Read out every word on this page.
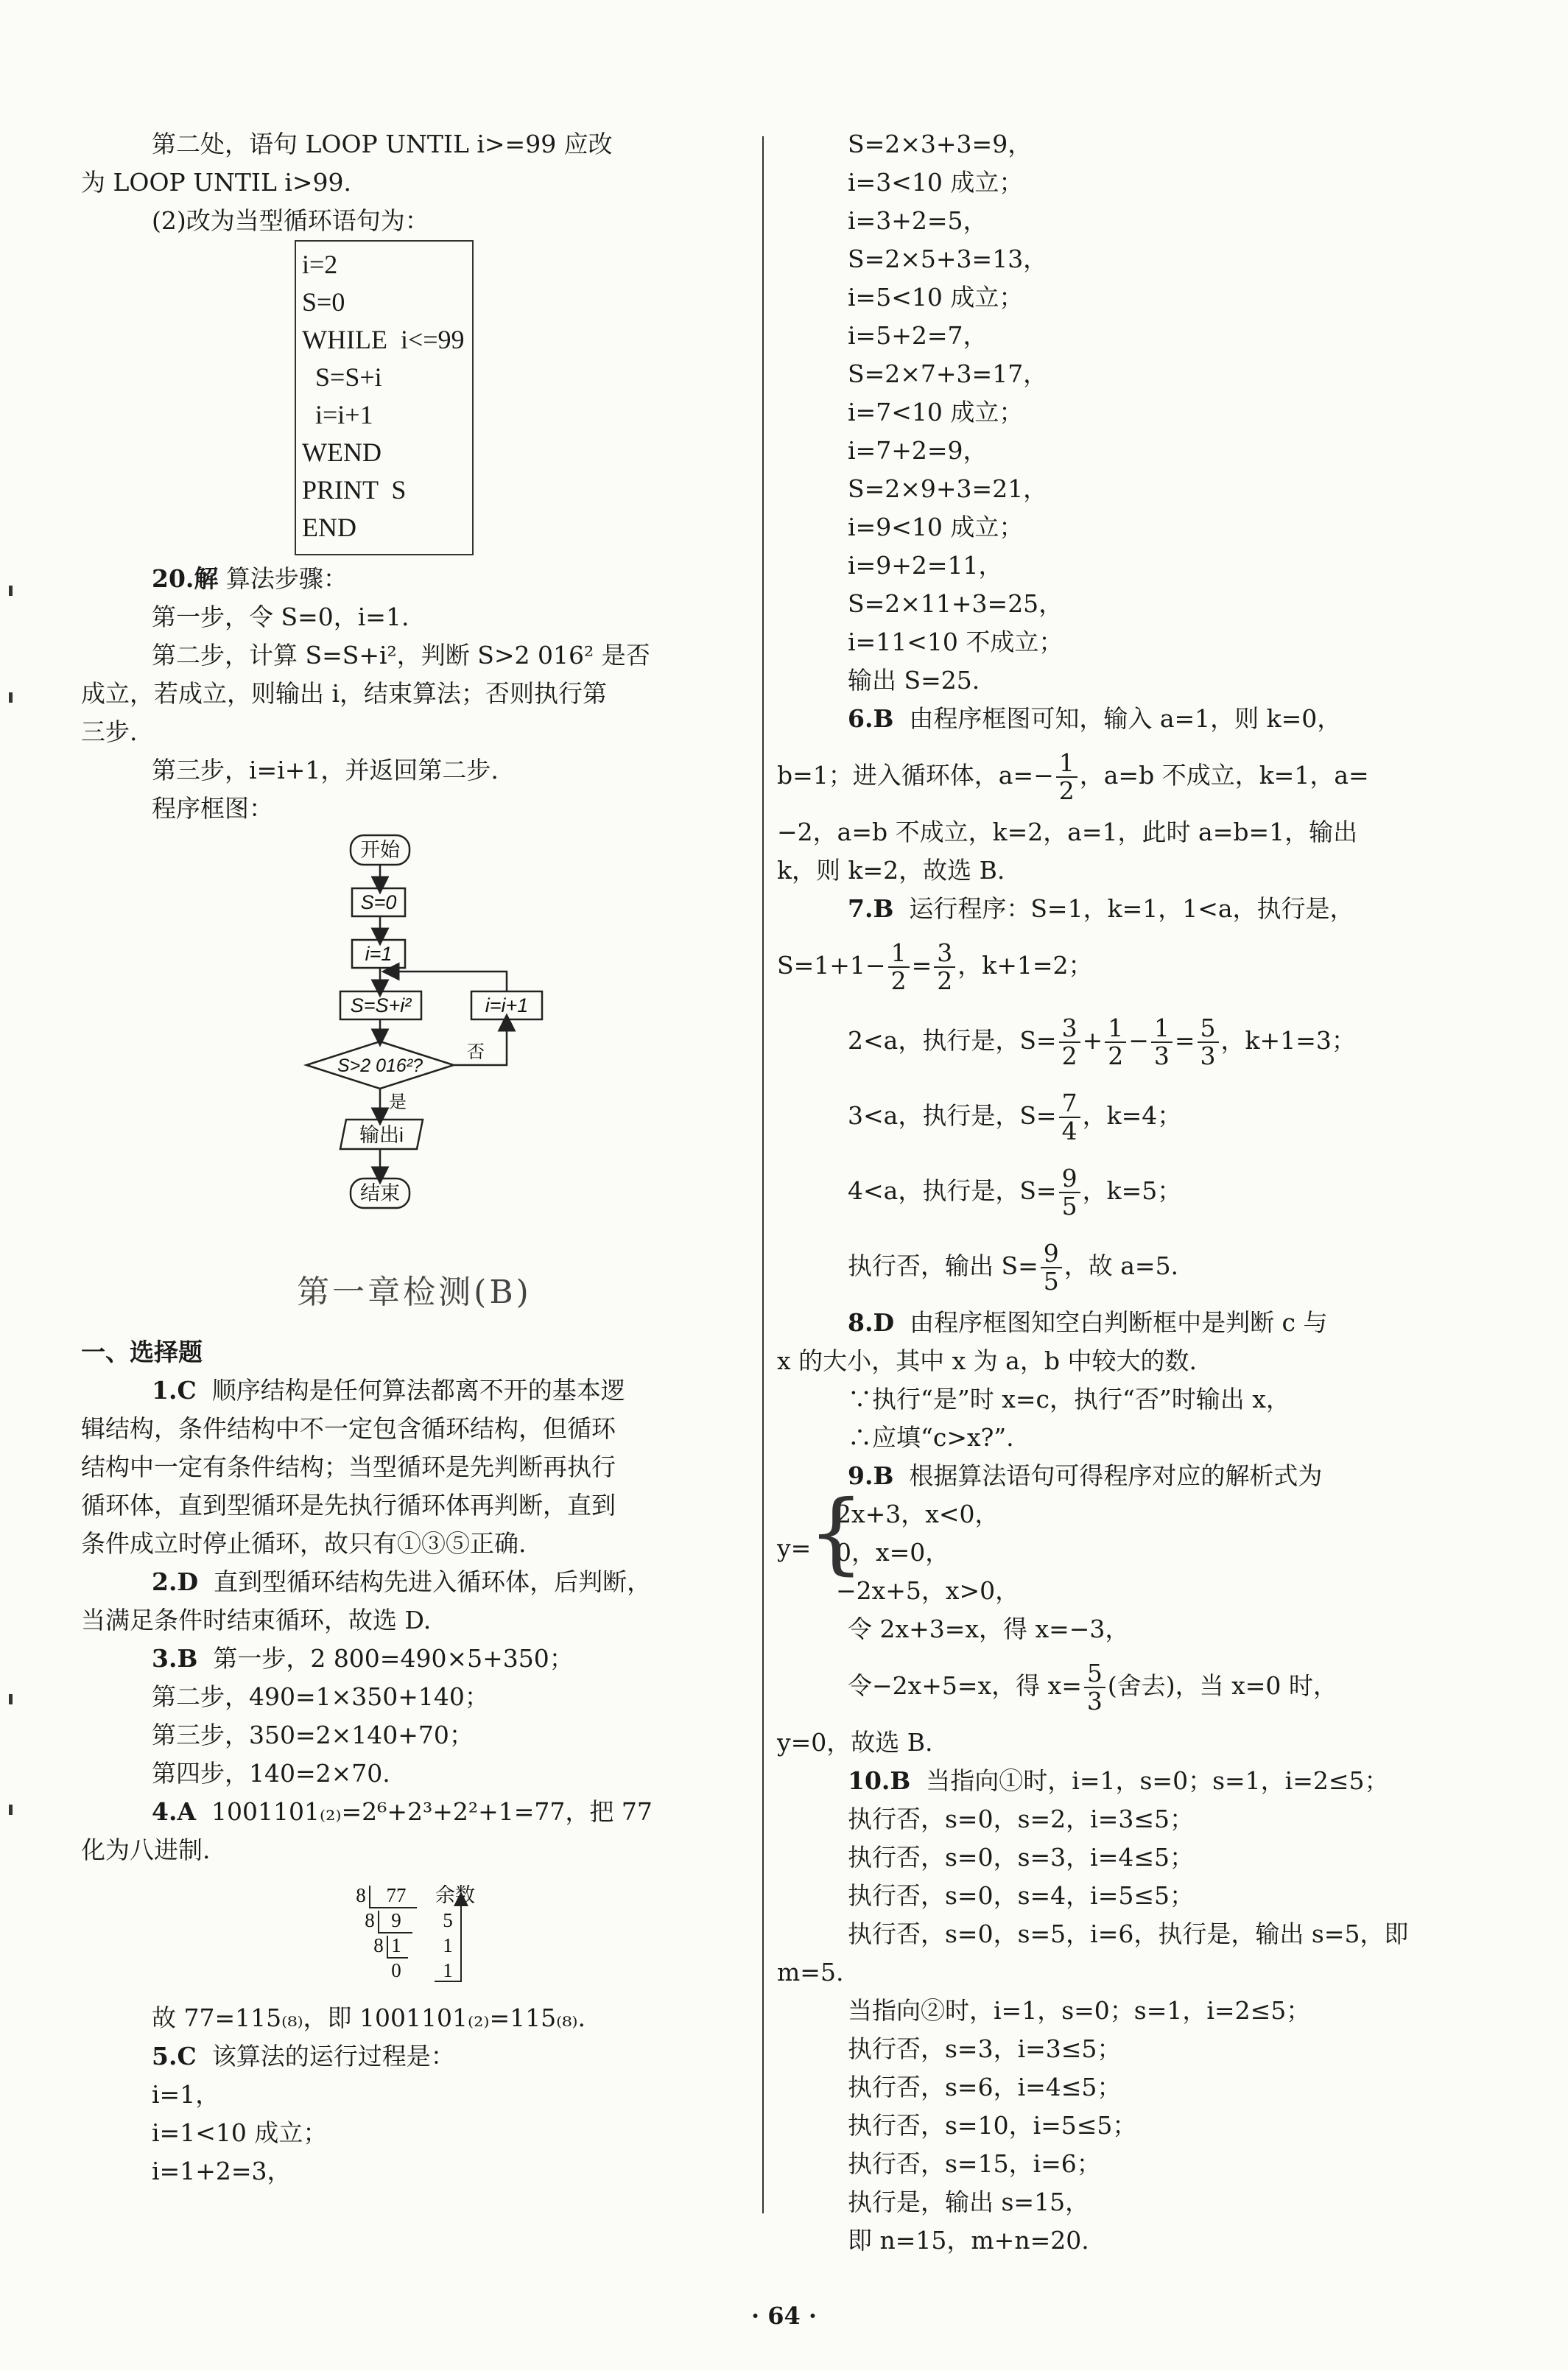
第二处，语句 LOOP UNTIL i>=99 应改
为 LOOP UNTIL i>99.
(2)改为当型循环语句为：
i=2
S=0
WHILE  i<=99
S=S+i
i=i+1
WEND
PRINT  S
END
20.解 算法步骤：
第一步，令 S=0，i=1.
第二步，计算 S=S+i²，判断 S>2 016² 是否
成立，若成立，则输出 i，结束算法；否则执行第
三步.
第三步，i=i+1，并返回第二步.
程序框图：
开始
S=0
i=1
S=S+i²	i=i+1
S>2 016²?
否
是
输出i
结束
第一章检测(B)
一、选择题
1.C 顺序结构是任何算法都离不开的基本逻
辑结构，条件结构中不一定包含循环结构，但循环
结构中一定有条件结构；当型循环是先判断再执行
循环体，直到型循环是先执行循环体再判断，直到
条件成立时停止循环，故只有①③⑤正确.
2.D 直到型循环结构先进入循环体，后判断，
当满足条件时结束循环，故选 D.
3.B 第一步，2 800=490×5+350；
第二步，490=1×350+140；
第三步，350=2×140+70；
第四步，140=2×70.
4.A 1001101₍₂₎=2⁶+2³+2²+1=77，把 77
化为八进制.
8 77 余数
8 9 5
8 1 1
0 1
故 77=115₍₈₎，即 1001101₍₂₎=115₍₈₎.
5.C 该算法的运行过程是：
i=1，
i=1<10 成立；
i=1+2=3，
S=2×3+3=9，
i=3<10 成立；
i=3+2=5，
S=2×5+3=13，
i=5<10 成立；
i=5+2=7，
S=2×7+3=17，
i=7<10 成立；
i=7+2=9，
S=2×9+3=21，
i=9<10 成立；
i=9+2=11，
S=2×11+3=25，
i=11<10 不成立；
输出 S=25.
6.B 由程序框图可知，输入 a=1，则 k=0，
b=1；进入循环体，$a=- \frac{1}{2}$ ，a=b 不成立，k=1，a=
−2，a=b 不成立，k=2，a=1，此时 a=b=1，输出
k，则 k=2，故选 B.
7.B 运行程序：S=1，k=1，1<a，执行是，
$S=1+1- \frac{1}{2} = \frac{3}{2}$ ，k+1=2；
2<a，执行是，$S= \frac{3}{2} + \frac{1}{2} - \frac{1}{3} = \frac{5}{3}$ ，k+1=3；
3<a，执行是，$S= \frac{7}{4}$ ，k=4；
4<a，执行是，$S= \frac{9}{5}$ ，k=5；
执行否，输出 $S= \frac{9}{5}$ ，故 a=5.
8.D 由程序框图知空白判断框中是判断 c 与
x 的大小，其中 x 为 a，b 中较大的数.
∵执行“是”时 x=c，执行“否”时输出 x，
∴应填“c>x?”.
9.B 根据算法语句可得程序对应的解析式为
y=
{
2x+3，x<0，
0，x=0，
−2x+5，x>0，
令 2x+3=x，得 x=−3，
令−2x+5=x，得 $x= \frac{5}{3}$ (舍去)，当 x=0 时，
y=0，故选 B.
10.B 当指向①时，i=1，s=0；s=1，i=2≤5；
执行否，s=0，s=2，i=3≤5；
执行否，s=0，s=3，i=4≤5；
执行否，s=0，s=4，i=5≤5；
执行否，s=0，s=5，i=6，执行是，输出 s=5，即
m=5.
当指向②时，i=1，s=0；s=1，i=2≤5；
执行否，s=3，i=3≤5；
执行否，s=6，i=4≤5；
执行否，s=10，i=5≤5；
执行否，s=15，i=6；
执行是，输出 s=15，
即 n=15，m+n=20.
· 64 ·
